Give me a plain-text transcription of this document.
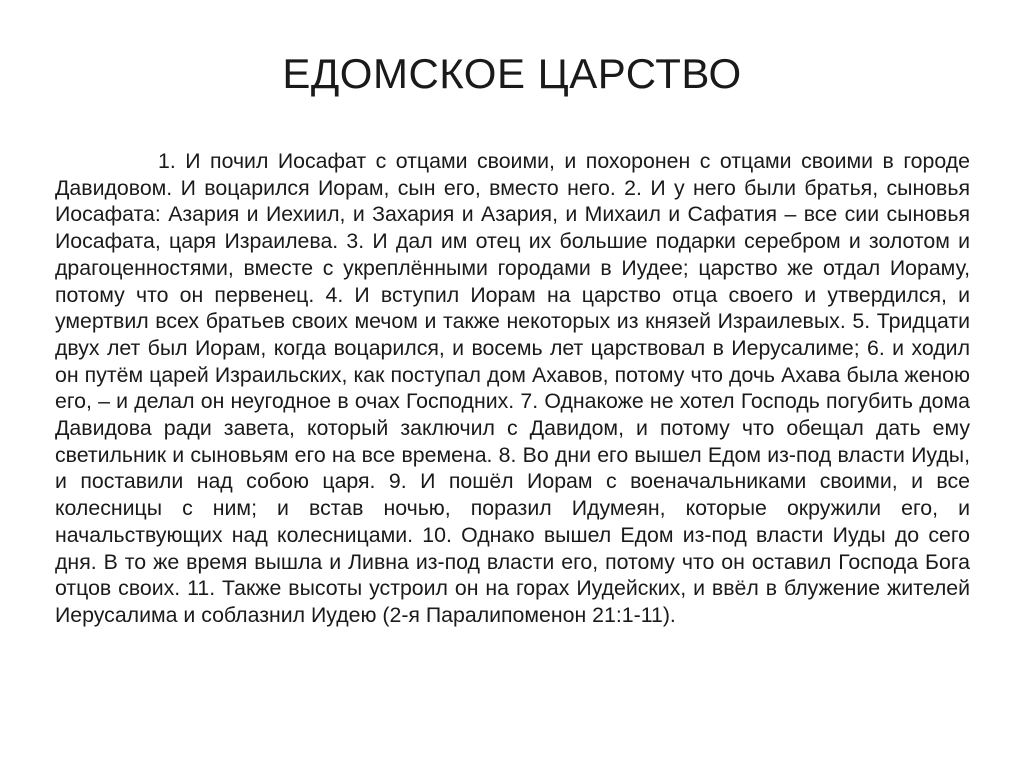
ЕДОМСКОЕ ЦАРСТВО

1. И почил Иосафат с отцами своими, и похоронен с отцами своими в городе Давидовом. И воцарился Иорам, сын его, вместо него. 2. И у него были братья, сыновья Иосафата: Азария и Иехиил, и Захария и Азария, и Михаил и Сафатия – все сии сыновья Иосафата, царя Израилева. 3. И дал им отец их большие подарки серебром и золотом и драгоценностями, вместе с укреплёнными городами в Иудее; царство же отдал Иораму, потому что он первенец. 4. И вступил Иорам на царство отца своего и утвердился, и умертвил всех братьев своих мечом и также некоторых из князей Израилевых. 5. Тридцати двух лет был Иорам, когда воцарился, и восемь лет царствовал в Иерусалиме; 6. и ходил он путём царей Израильских, как поступал дом Ахавов, потому что дочь Ахава была женою его, – и делал он неугодное в очах Господних. 7. Однакоже не хотел Господь погубить дома Давидова ради завета, который заключил с Давидом, и потому что обещал дать ему светильник и сыновьям его на все времена. 8. Во дни его вышел Едом из-под власти Иуды, и поставили над собою царя. 9. И пошёл Иорам с военачальниками своими, и все колесницы с ним; и встав ночью, поразил Идумеян, которые окружили его, и начальствующих над колесницами. 10. Однако вышел Едом из-под власти Иуды до сего дня. В то же время вышла и Ливна из-под власти его, потому что он оставил Господа Бога отцов своих. 11. Также высоты устроил он на горах Иудейских, и ввёл в блужение жителей Иерусалима и соблазнил Иудею (2-я Паралипоменон 21:1-11).
